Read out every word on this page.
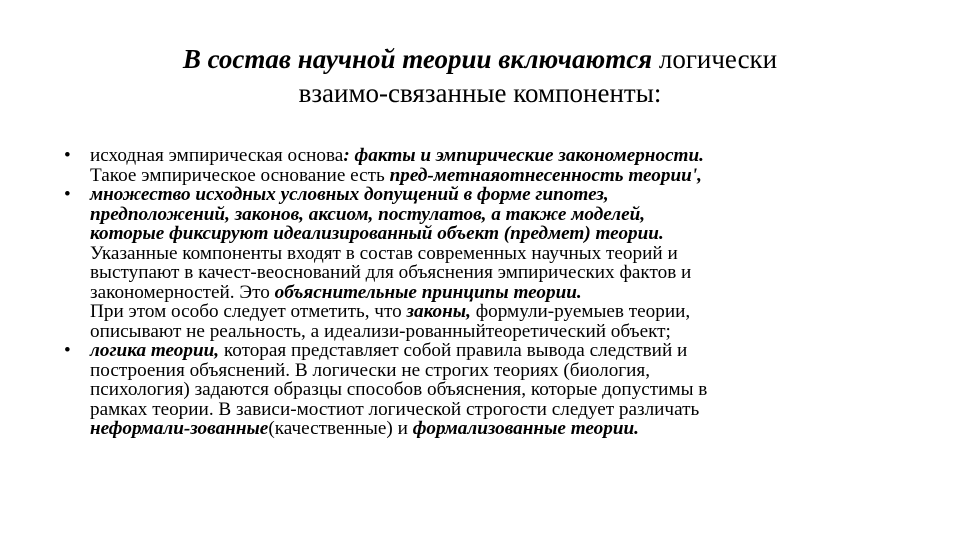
В состав научной теории включаются логически
взаимо-связанные компоненты:
• исходная эмпирическая основа: факты и эмпирические закономерности.
Такое эмпирическое основание есть пред-метнаяотнесенность теории',
• множество исходных условных допущений в форме гипотез,
предположений, законов, аксиом, постулатов, а также моделей,
которые фиксируют идеализированный объект (предмет) теории.
Указанные компоненты входят в состав современных научных теорий и
выступают в качест-веоснований для объяснения эмпирических фактов и
закономерностей. Это объяснительные принципы теории.
При этом особо следует отметить, что законы, формули-руемыев теории,
описывают не реальность, а идеализи-рованныйтеоретический объект;
• логика теории, которая представляет собой правила вывода следствий и
построения объяснений. В логически не строгих теориях (биология,
психология) задаются образцы способов объяснения, которые допустимы в
рамках теории. В зависи-мостиот логической строгости следует различать
неформали-зованные(качественные) и формализованные теории.
